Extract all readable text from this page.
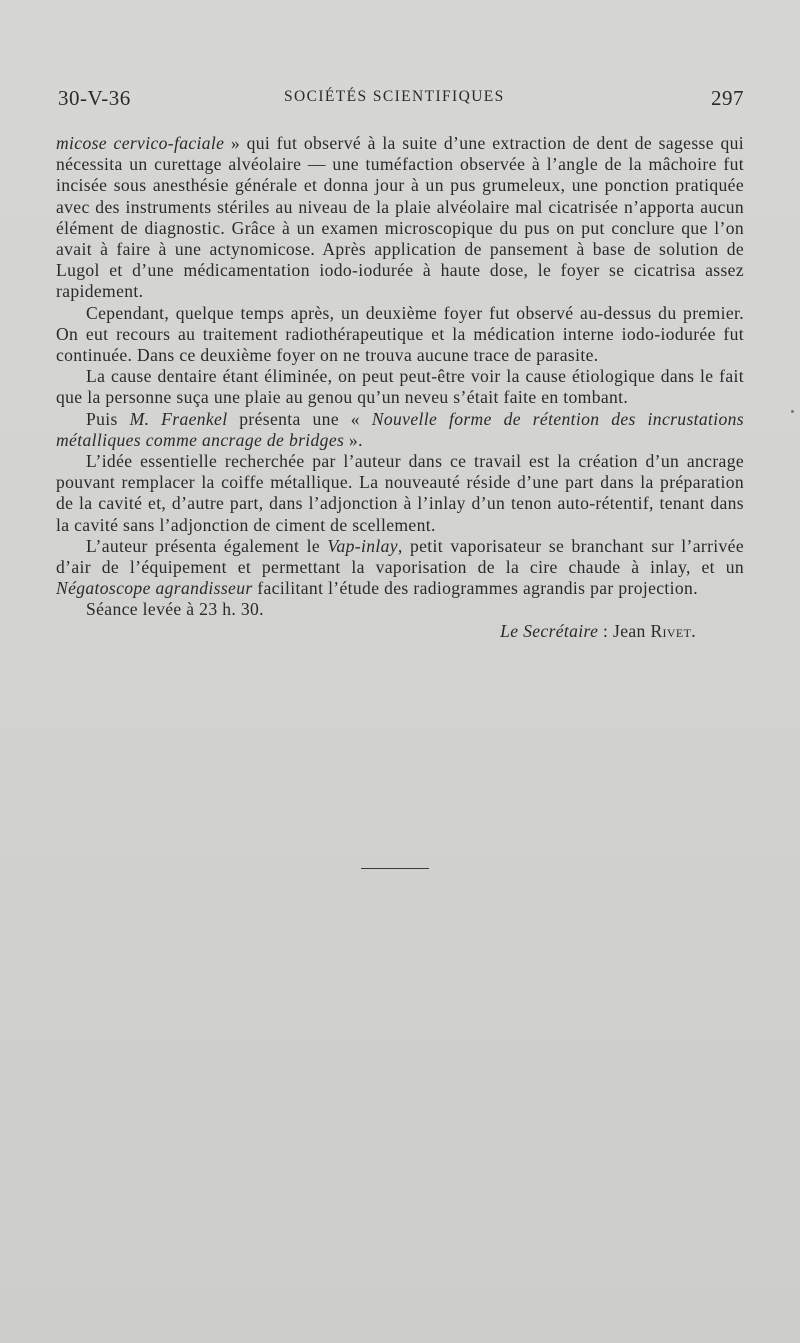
30-V-36	SOCIÉTÉS SCIENTIFIQUES	297

micose cervico-faciale » qui fut observé à la suite d’une extraction de dent de sagesse qui nécessita un curettage alvéolaire — une tuméfaction observée à l’angle de la mâchoire fut incisée sous anesthésie générale et donna jour à un pus grumeleux, une ponction pratiquée avec des instruments stériles au niveau de la plaie alvéolaire mal cicatrisée n’apporta aucun élément de diagnostic. Grâce à un examen microscopique du pus on put conclure que l’on avait à faire à une actynomicose. Après application de pansement à base de solution de Lugol et d’une médicamentation iodo-iodurée à haute dose, le foyer se cicatrisa assez rapidement.

Cependant, quelque temps après, un deuxième foyer fut observé au-dessus du premier. On eut recours au traitement radiothérapeutique et la médication interne iodo-iodurée fut continuée. Dans ce deuxième foyer on ne trouva aucune trace de parasite.

La cause dentaire étant éliminée, on peut peut-être voir la cause étiologique dans le fait que la personne suça une plaie au genou qu’un neveu s’était faite en tombant.

Puis M. Fraenkel présenta une « Nouvelle forme de rétention des incrustations métalliques comme ancrage de bridges ».

L’idée essentielle recherchée par l’auteur dans ce travail est la création d’un ancrage pouvant remplacer la coiffe métallique. La nouveauté réside d’une part dans la préparation de la cavité et, d’autre part, dans l’adjonction à l’inlay d’un tenon auto-rétentif, tenant dans la cavité sans l’adjonction de ciment de scellement.

L’auteur présenta également le Vap-inlay, petit vaporisateur se branchant sur l’arrivée d’air de l’équipement et permettant la vaporisation de la cire chaude à inlay, et un Négatoscope agrandisseur facilitant l’étude des radiogrammes agrandis par projection.

Séance levée à 23 h. 30.

Le Secrétaire : Jean Rivet.
